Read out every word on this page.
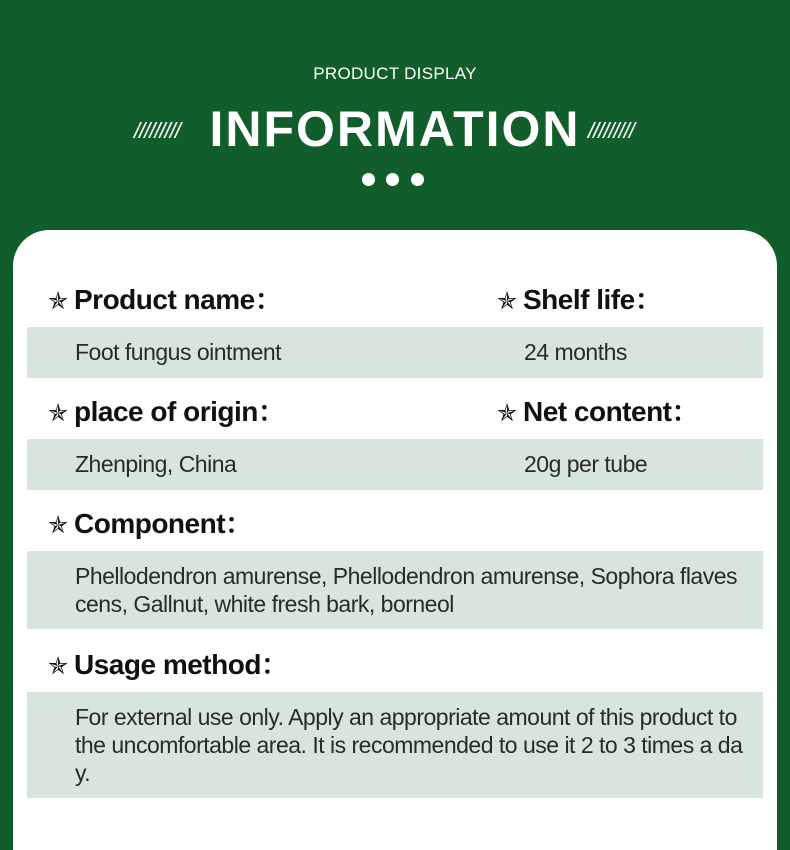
PRODUCT DISPLAY
///////// INFORMATION /////////
✯ Product name：	✯ Shelf life：
Foot fungus ointment	24 months
✯ place of origin：	✯ Net content：
Zhenping, China	20g per tube
✯ Component：
Phellodendron amurense, Phellodendron amurense, Sophora flavescens, Gallnut, white fresh bark, borneol
✯ Usage method：
For external use only. Apply an appropriate amount of this product to the uncomfortable area. It is recommended to use it 2 to 3 times a day.
